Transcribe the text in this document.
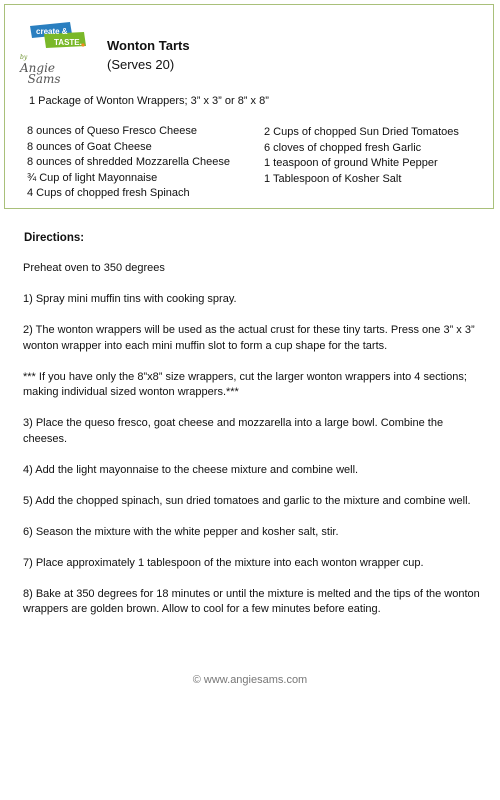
create &
TASTE.
by
Angie
Sams
Wonton Tarts
(Serves 20)
1 Package of Wonton Wrappers; 3” x 3” or 8” x 8”
8 ounces of Queso Fresco Cheese
8 ounces of Goat Cheese
8 ounces of shredded Mozzarella Cheese
¾ Cup of light Mayonnaise
4 Cups of chopped fresh Spinach
2 Cups of chopped Sun Dried Tomatoes
6 cloves of chopped fresh Garlic
1 teaspoon of ground White Pepper
1 Tablespoon of Kosher Salt
Directions:

Preheat oven to 350 degrees

1) Spray mini muffin tins with cooking spray.

2) The wonton wrappers will be used as the actual crust for these tiny tarts. Press one 3” x 3” wonton wrapper into each mini muffin slot to form a cup shape for the tarts.

*** If you have only the 8”x8” size wrappers, cut the larger wonton wrappers into 4 sections; making individual sized wonton wrappers.***

3) Place the queso fresco, goat cheese and mozzarella into a large bowl. Combine the cheeses.

4) Add the light mayonnaise to the cheese mixture and combine well.

5) Add the chopped spinach, sun dried tomatoes and garlic to the mixture and combine well.

6) Season the mixture with the white pepper and kosher salt, stir.

7) Place approximately 1 tablespoon of the mixture into each wonton wrapper cup.

8) Bake at 350 degrees for 18 minutes or until the mixture is melted and the tips of the wonton wrappers are golden brown. Allow to cool for a few minutes before eating.

© www.angiesams.com
